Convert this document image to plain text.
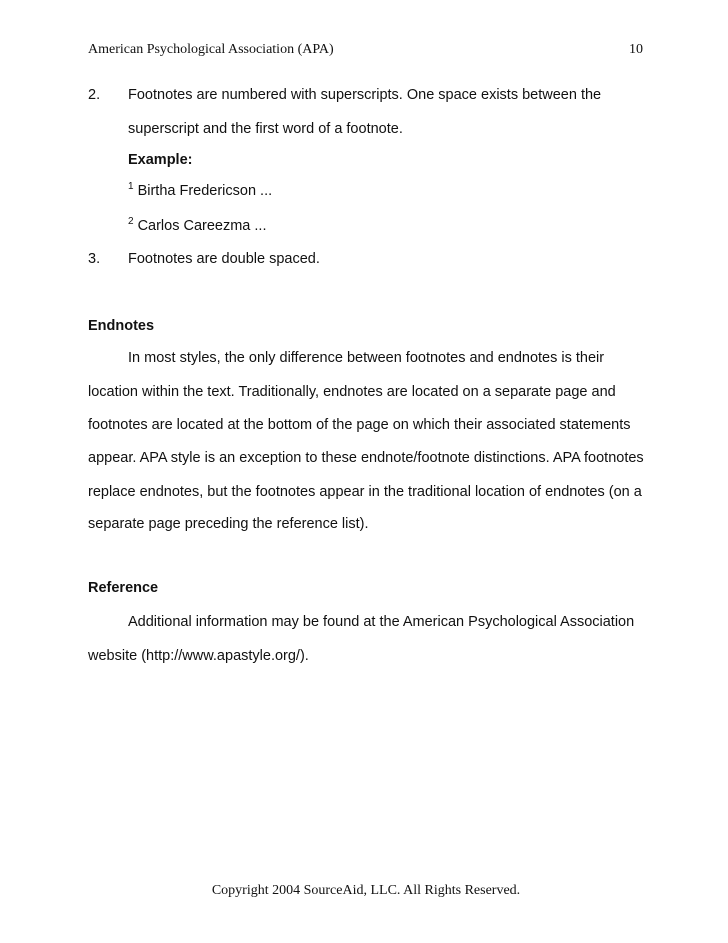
American Psychological Association (APA)	10
2. Footnotes are numbered with superscripts. One space exists between the
superscript and the first word of a footnote.
Example:
$^1$ Birtha Fredericson ...
$^2$ Carlos Careezma ...
3. Footnotes are double spaced.
Endnotes
In most styles, the only difference between footnotes and endnotes is their
location within the text. Traditionally, endnotes are located on a separate page and
footnotes are located at the bottom of the page on which their associated statements
appear. APA style is an exception to these endnote/footnote distinctions. APA footnotes
replace endnotes, but the footnotes appear in the traditional location of endnotes (on a
separate page preceding the reference list).
Reference
Additional information may be found at the American Psychological Association
website (http://www.apastyle.org/).
Copyright 2004 SourceAid, LLC. All Rights Reserved.
